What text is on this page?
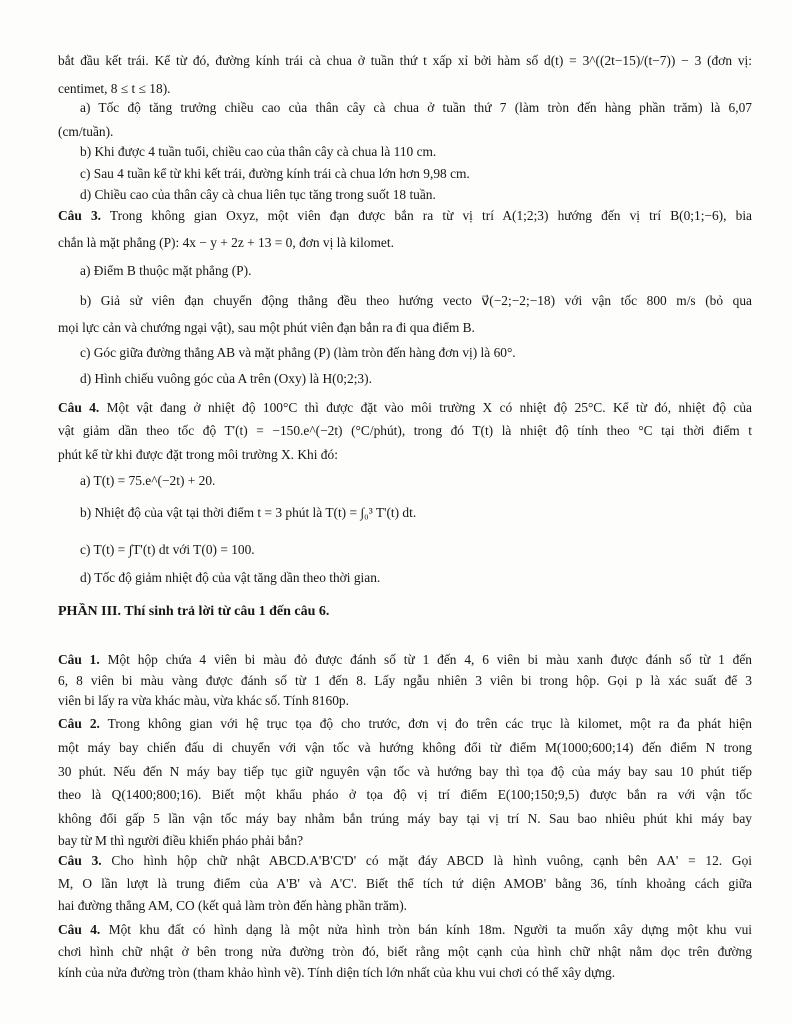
bắt đầu kết trái. Kể từ đó, đường kính trái cà chua ở tuần thứ t xấp xỉ bởi hàm số d(t) = 3^((2t−15)/(t−7)) − 3 (đơn vị:
centimet, 8 ≤ t ≤ 18).
a) Tốc độ tăng trưởng chiều cao của thân cây cà chua ở tuần thứ 7 (làm tròn đến hàng phần trăm) là 6,07
(cm/tuần).
b) Khi được 4 tuần tuổi, chiều cao của thân cây cà chua là 110 cm.
c) Sau 4 tuần kể từ khi kết trái, đường kính trái cà chua lớn hơn 9,98 cm.
d) Chiều cao của thân cây cà chua liên tục tăng trong suốt 18 tuần.
Câu 3. Trong không gian Oxyz, một viên đạn được bắn ra từ vị trí A(1;2;3) hướng đến vị trí B(0;1;−6), bia
chắn là mặt phẳng (P): 4x − y + 2z + 13 = 0, đơn vị là kilomet.
a) Điểm B thuộc mặt phẳng (P).
b) Giả sử viên đạn chuyển động thẳng đều theo hướng vecto v⃗(−2;−2;−18) với vận tốc 800 m/s (bỏ qua
mọi lực cản và chướng ngại vật), sau một phút viên đạn bắn ra đi qua điểm B.
c) Góc giữa đường thẳng AB và mặt phẳng (P) (làm tròn đến hàng đơn vị) là 60°.
d) Hình chiếu vuông góc của A trên (Oxy) là H(0;2;3).
Câu 4. Một vật đang ở nhiệt độ 100°C thì được đặt vào môi trường X có nhiệt độ 25°C. Kể từ đó, nhiệt độ của
vật giảm dần theo tốc độ T'(t) = −150.e^(−2t) (°C/phút), trong đó T(t) là nhiệt độ tính theo °C tại thời điểm t
phút kể từ khi được đặt trong môi trường X. Khi đó:
a) T(t) = 75.e^(−2t) + 20.
b) Nhiệt độ của vật tại thời điểm t = 3 phút là T(t) = ∫₀³ T'(t) dt.
c) T(t) = ∫T'(t) dt với T(0) = 100.
d) Tốc độ giảm nhiệt độ của vật tăng dần theo thời gian.
PHẦN III. Thí sinh trả lời từ câu 1 đến câu 6.
Câu 1. Một hộp chứa 4 viên bi màu đỏ được đánh số từ 1 đến 4, 6 viên bi màu xanh được đánh số từ 1 đến
6, 8 viên bi màu vàng được đánh số từ 1 đến 8. Lấy ngẫu nhiên 3 viên bi trong hộp. Gọi p là xác suất để 3
viên bi lấy ra vừa khác màu, vừa khác số. Tính 8160p.
Câu 2. Trong không gian với hệ trục tọa độ cho trước, đơn vị đo trên các trục là kilomet, một ra đa phát hiện
một máy bay chiến đấu di chuyển với vận tốc và hướng không đổi từ điểm M(1000;600;14) đến điểm N trong
30 phút. Nếu đến N máy bay tiếp tục giữ nguyên vận tốc và hướng bay thì tọa độ của máy bay sau 10 phút tiếp
theo là Q(1400;800;16). Biết một khẩu pháo ở tọa độ vị trí điểm E(100;150;9,5) được bắn ra với vận tốc
không đổi gấp 5 lần vận tốc máy bay nhằm bắn trúng máy bay tại vị trí N. Sau bao nhiêu phút khi máy bay
bay từ M thì người điều khiển pháo phải bắn?
Câu 3. Cho hình hộp chữ nhật ABCD.A'B'C'D' có mặt đáy ABCD là hình vuông, cạnh bên AA' = 12. Gọi
M, O lần lượt là trung điểm của A'B' và A'C'. Biết thể tích tứ diện AMOB' bằng 36, tính khoảng cách giữa
hai đường thẳng AM, CO (kết quả làm tròn đến hàng phần trăm).
Câu 4. Một khu đất có hình dạng là một nửa hình tròn bán kính 18m. Người ta muốn xây dựng một khu vui
chơi hình chữ nhật ở bên trong nửa đường tròn đó, biết rằng một cạnh của hình chữ nhật nằm dọc trên đường
kính của nửa đường tròn (tham khảo hình vẽ). Tính diện tích lớn nhất của khu vui chơi có thể xây dựng.
